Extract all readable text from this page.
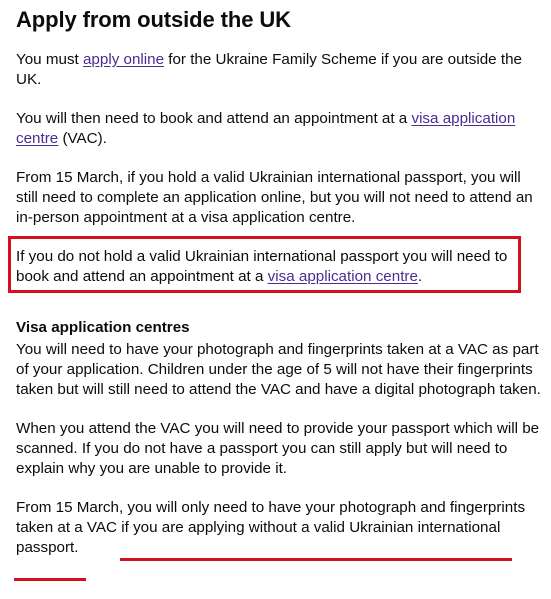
Apply from outside the UK

You must apply online for the Ukraine Family Scheme if you are outside the UK.

You will then need to book and attend an appointment at a visa application centre (VAC).

From 15 March, if you hold a valid Ukrainian international passport, you will still need to complete an application online, but you will not need to attend an in-person appointment at a visa application centre.

If you do not hold a valid Ukrainian international passport you will need to book and attend an appointment at a visa application centre.

Visa application centres

You will need to have your photograph and fingerprints taken at a VAC as part of your application. Children under the age of 5 will not have their fingerprints taken but will still need to attend the VAC and have a digital photograph taken.

When you attend the VAC you will need to provide your passport which will be scanned. If you do not have a passport you can still apply but will need to explain why you are unable to provide it.

From 15 March, you will only need to have your photograph and fingerprints taken at a VAC if you are applying without a valid Ukrainian international passport.
